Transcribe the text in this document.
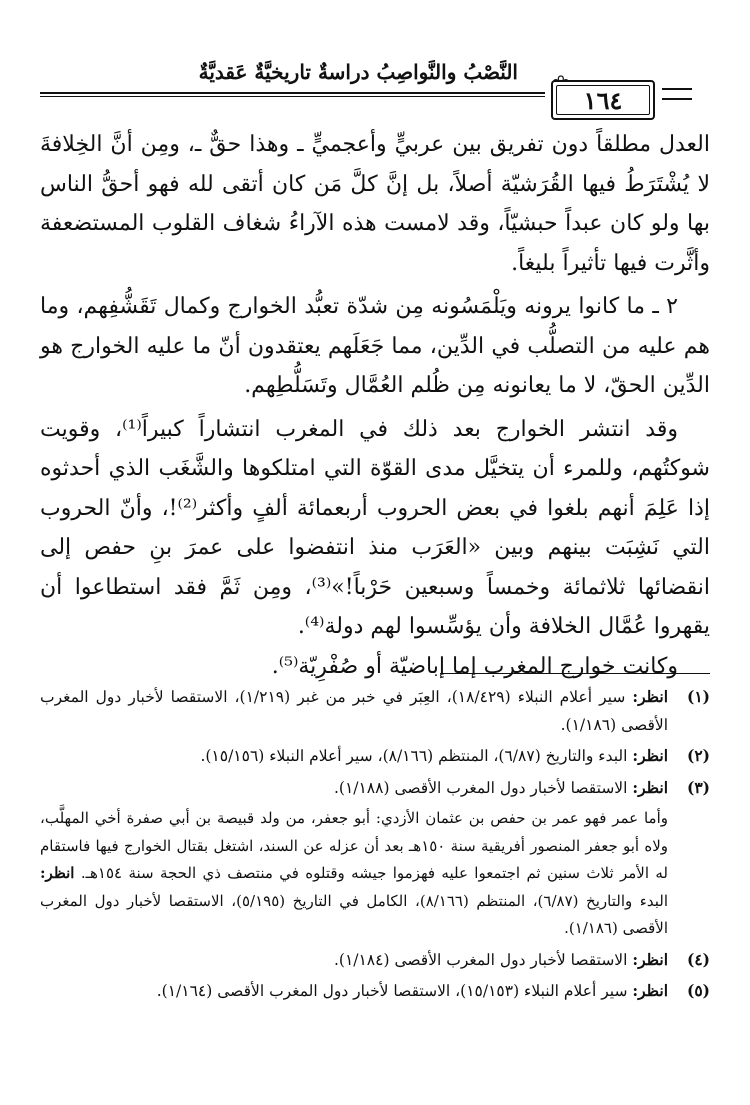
النَّصْبُ والنَّواصِبُ دراسةٌ تاريخيَّةٌ عَقديَّةٌ
١٦٤

العدل مطلقاً دون تفريق بين عربيٍّ وأعجميٍّ ـ وهذا حقٌّ ـ، ومِن أنَّ الخِلافةَ لا يُشْتَرَطُ فيها القُرَشيّة أصلاً، بل إنَّ كلَّ مَن كان أتقى لله فهو أحقُّ الناس بها ولو كان عبداً حبشيّاً، وقد لامست هذه الآراءُ شغاف القلوب المستضعفة وأثَّرت فيها تأثيراً بليغاً.

٢ ـ ما كانوا يرونه ويَلْمَسُونه مِن شدّة تعبُّد الخوارج وكمال تَقَشُّفِهم، وما هم عليه من التصلُّب في الدِّين، مما جَعَلَهم يعتقدون أنّ ما عليه الخوارج هو الدِّين الحقّ، لا ما يعانونه مِن ظُلم العُمَّال وتَسَلُّطِهم.

وقد انتشر الخوارج بعد ذلك في المغرب انتشاراً كبيراً⁽¹⁾، وقويت شوكتُهم، وللمرء أن يتخيَّل مدى القوّة التي امتلكوها والشَّغَب الذي أحدثوه إذا عَلِمَ أنهم بلغوا في بعض الحروب أربعمائة ألفٍ وأكثر⁽²⁾!، وأنّ الحروب التي نَشِبَت بينهم وبين «العَرَب منذ انتفضوا على عمرَ بنِ حفص إلى انقضائها ثلاثمائة وخمساً وسبعين حَرْباً!»⁽³⁾، ومِن ثَمَّ فقد استطاعوا أن يقهروا عُمَّال الخلافة وأن يؤسِّسوا لهم دولة⁽⁴⁾.

وكانت خوارج المغرب إما إباضيّة أو صُفْرِيّة⁽⁵⁾.

(١)
انظر: سير أعلام النبلاء (١٨/٤٢٩)، العِبَر في خبر من غبر (١/٢١٩)، الاستقصا لأخبار دول المغرب الأقصى (١/١٨٦).
(٢)
انظر: البدء والتاريخ (٦/٨٧)، المنتظم (٨/١٦٦)، سير أعلام النبلاء (١٥/١٥٦).
(٣)
انظر: الاستقصا لأخبار دول المغرب الأقصى (١/١٨٨).
وأما عمر فهو عمر بن حفص بن عثمان الأزدي: أبو جعفر، من ولد قبيصة بن أبي صفرة أخي المهلَّب، ولاه أبو جعفر المنصور أفريقية سنة ١٥٠هـ بعد أن عزله عن السند، اشتغل بقتال الخوارج فيها فاستقام له الأمر ثلاث سنين ثم اجتمعوا عليه فهزموا جيشه وقتلوه في منتصف ذي الحجة سنة ١٥٤هـ. انظر: البدء والتاريخ (٦/٨٧)، المنتظم (٨/١٦٦)، الكامل في التاريخ (٥/١٩٥)، الاستقصا لأخبار دول المغرب الأقصى (١/١٨٦).
(٤)
انظر: الاستقصا لأخبار دول المغرب الأقصى (١/١٨٤).
(٥)
انظر: سير أعلام النبلاء (١٥/١٥٣)، الاستقصا لأخبار دول المغرب الأقصى (١/١٦٤).
